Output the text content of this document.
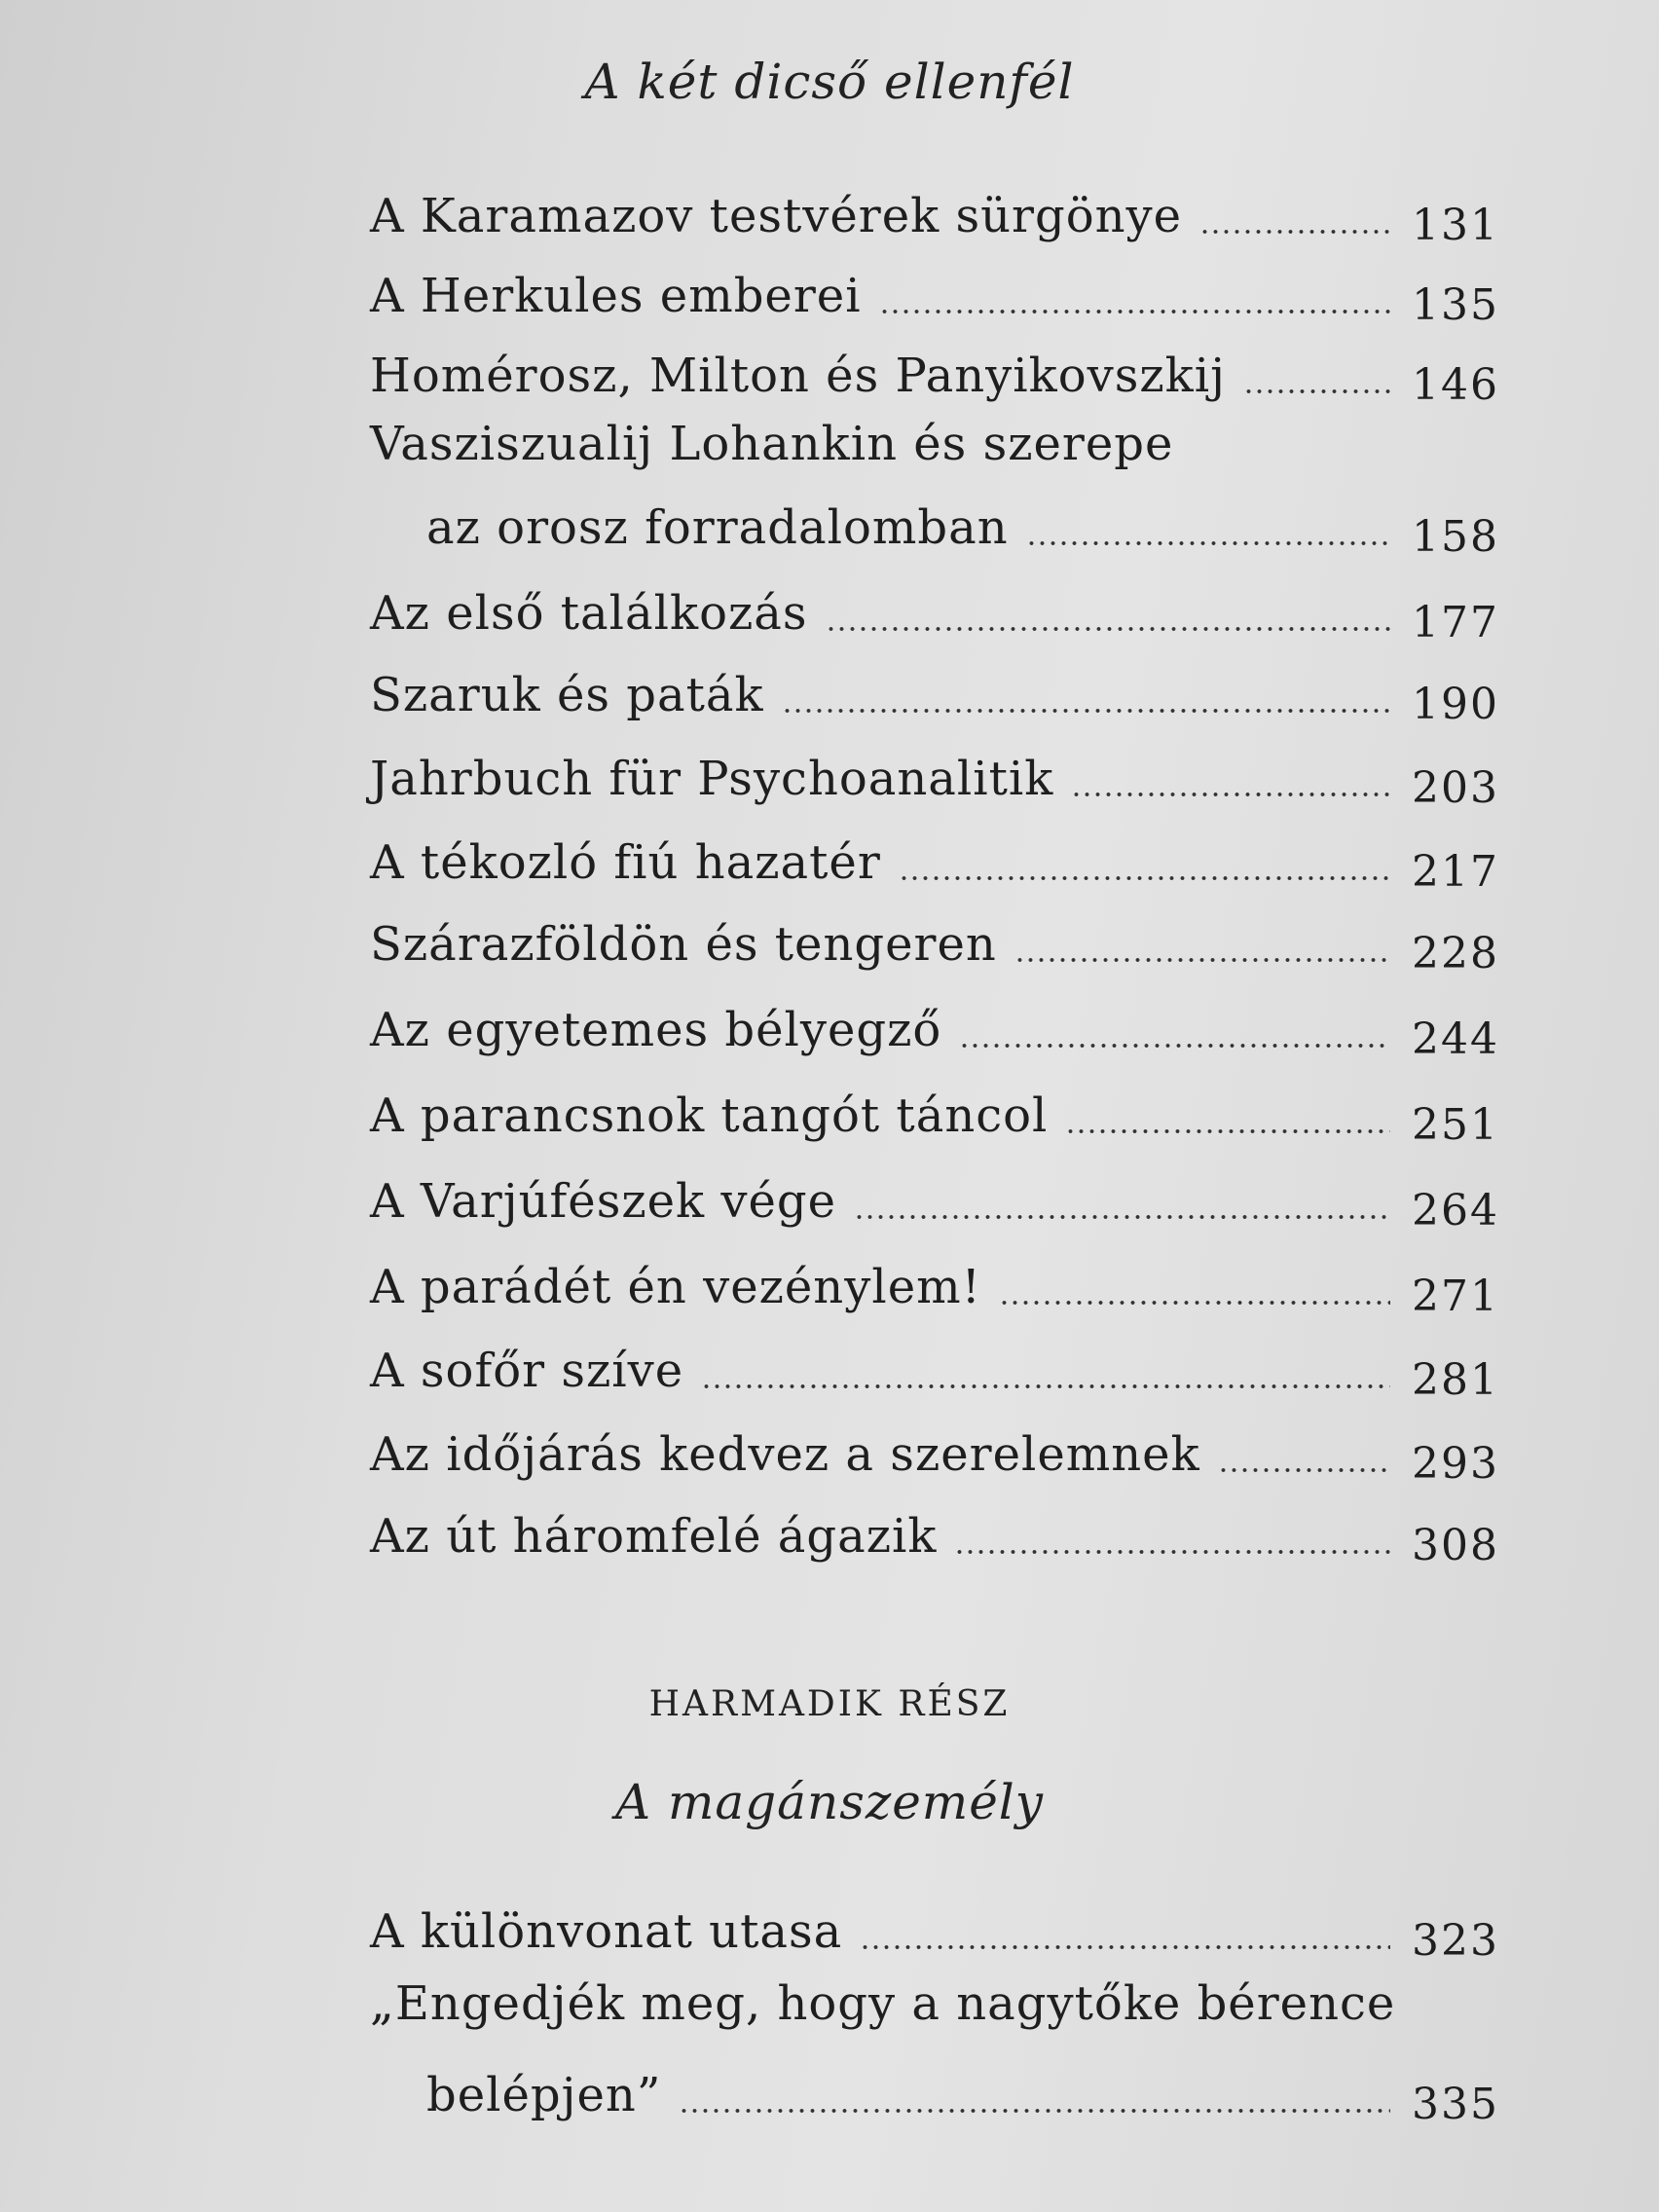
A két dicső ellenfél
A Karamazov testvérek sürgönye	131
A Herkules emberei	135
Homérosz, Milton és Panyikovszkij	146
Vasziszualij Lohankin és szerepe
az orosz forradalomban	158
Az első találkozás	177
Szaruk és paták	190
Jahrbuch für Psychoanalitik	203
A tékozló fiú hazatér	217
Szárazföldön és tengeren	228
Az egyetemes bélyegző	244
A parancsnok tangót táncol	251
A Varjúfészek vége	264
A parádét én vezénylem!	271
A sofőr szíve	281
Az időjárás kedvez a szerelemnek	293
Az út háromfelé ágazik	308
HARMADIK RÉSZ
A magánszemély
A különvonat utasa	323
„Engedjék meg, hogy a nagytőke bérence
belépjen”	335
